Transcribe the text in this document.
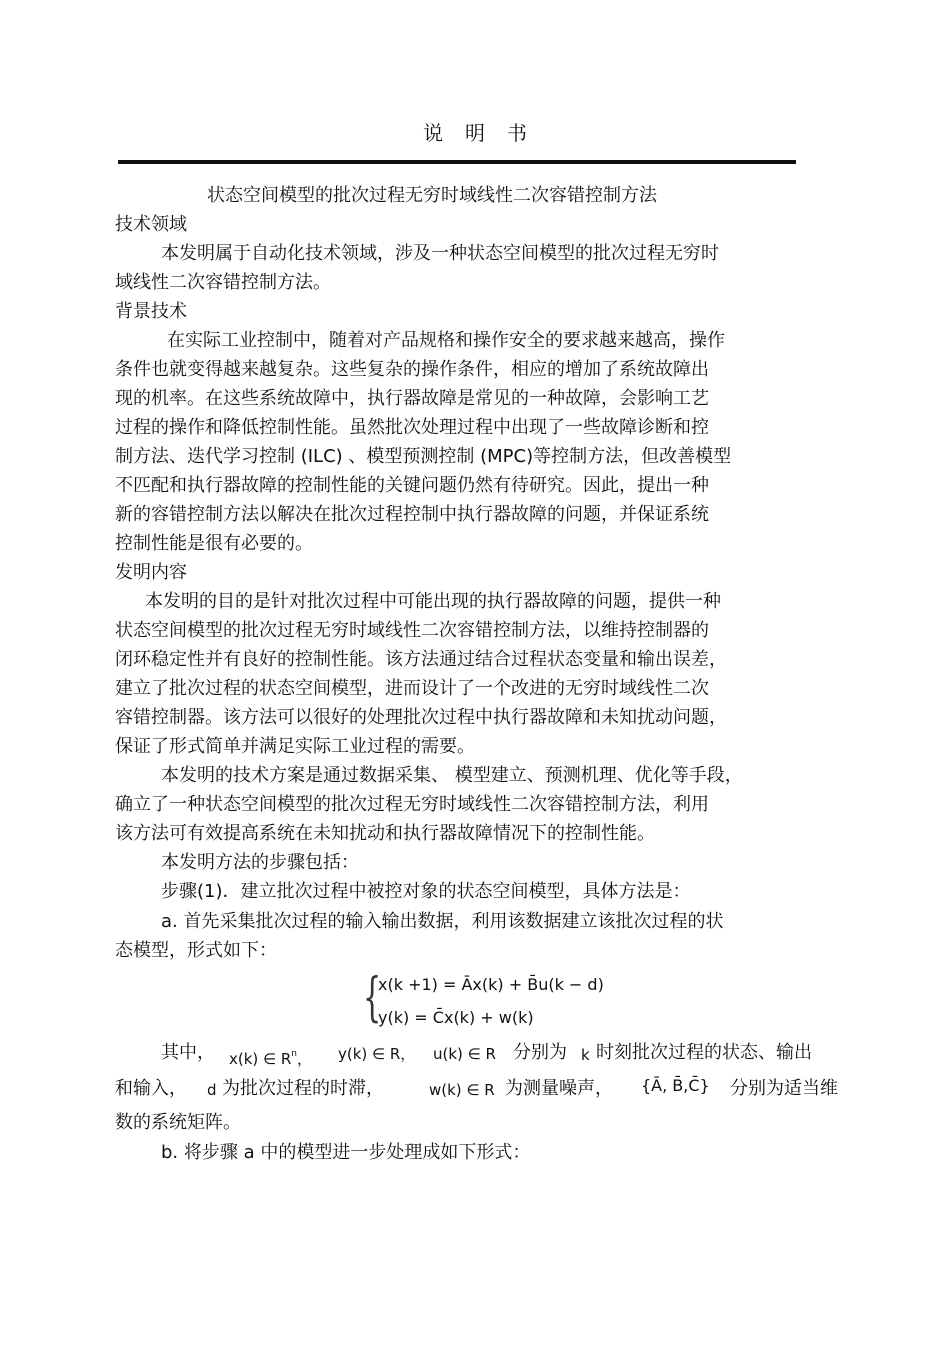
说明书
状态空间模型的批次过程无穷时域线性二次容错控制方法
技术领域
本发明属于自动化技术领域，涉及一种状态空间模型的批次过程无穷时
域线性二次容错控制方法。
背景技术
在实际工业控制中，随着对产品规格和操作安全的要求越来越高，操作
条件也就变得越来越复杂。这些复杂的操作条件，相应的增加了系统故障出
现的机率。在这些系统故障中，执行器故障是常见的一种故障，会影响工艺
过程的操作和降低控制性能。虽然批次处理过程中出现了一些故障诊断和控
制方法、迭代学习控制 (ILC) 、模型预测控制 (MPC)等控制方法，但改善模型
不匹配和执行器故障的控制性能的关键问题仍然有待研究。因此，提出一种
新的容错控制方法以解决在批次过程控制中执行器故障的问题，并保证系统
控制性能是很有必要的。
发明内容
本发明的目的是针对批次过程中可能出现的执行器故障的问题，提供一种
状态空间模型的批次过程无穷时域线性二次容错控制方法，以维持控制器的
闭环稳定性并有良好的控制性能。该方法通过结合过程状态变量和输出误差，
建立了批次过程的状态空间模型，进而设计了一个改进的无穷时域线性二次
容错控制器。该方法可以很好的处理批次过程中执行器故障和未知扰动问题，
保证了形式简单并满足实际工业过程的需要。
本发明的技术方案是通过数据采集、 模型建立、预测机理、优化等手段，
确立了一种状态空间模型的批次过程无穷时域线性二次容错控制方法，利用
该方法可有效提高系统在未知扰动和执行器故障情况下的控制性能。
本发明方法的步骤包括：
步骤(1)．建立批次过程中被控对象的状态空间模型，具体方法是：
a. 首先采集批次过程的输入输出数据，利用该数据建立该批次过程的状
态模型，形式如下：
{
x(k +1) = Āx(k) + B̄u(k − d)
y(k) = C̄x(k) + w(k)
其中， x(k) ∈ $R^n$， y(k) ∈ R， u(k) ∈ R 分别为 k 时刻批次过程的状态、输出
和输入， d 为批次过程的时滞，	w(k) ∈ R 为测量噪声， {Ā, B̄,C̄} 分别为适当维
数的系统矩阵。
b. 将步骤 a 中的模型进一步处理成如下形式：
